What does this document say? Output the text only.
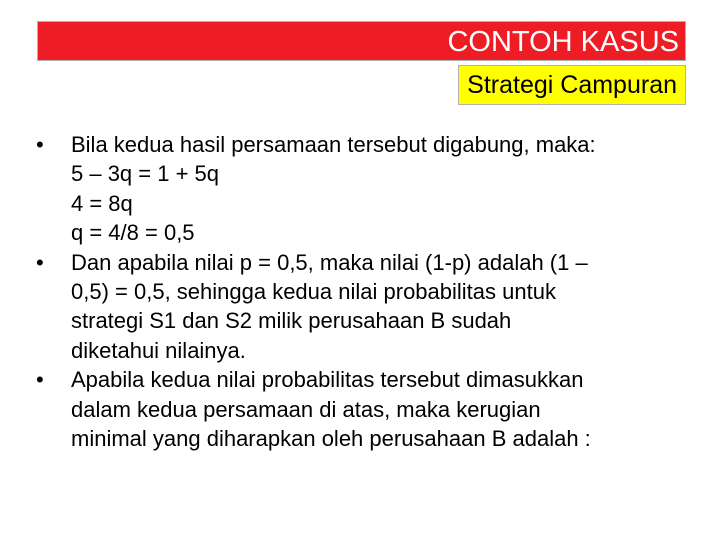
CONTOH KASUS
Strategi Campuran
•	Bila kedua hasil persamaan tersebut digabung, maka:
5 – 3q = 1 + 5q
4 = 8q
q = 4/8 = 0,5
•	Dan apabila nilai p = 0,5, maka nilai (1-p) adalah (1 –
0,5) = 0,5, sehingga kedua nilai probabilitas untuk
strategi S1 dan S2 milik perusahaan B sudah
diketahui nilainya.
•	Apabila kedua nilai probabilitas tersebut dimasukkan
dalam kedua persamaan di atas, maka kerugian
minimal yang diharapkan oleh perusahaan B adalah :
